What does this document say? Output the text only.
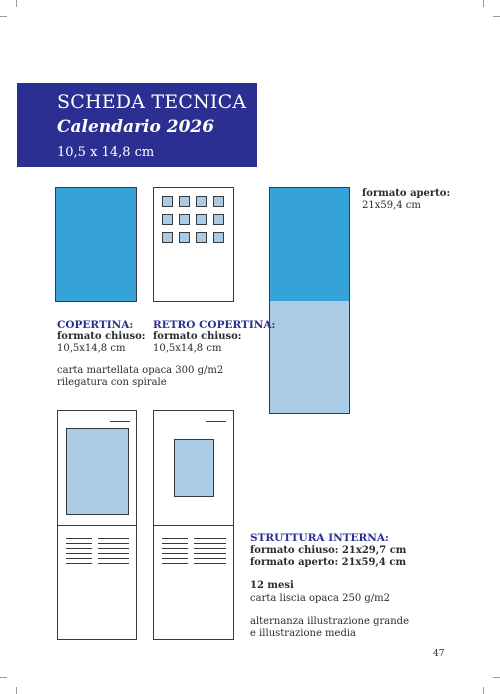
SCHEDA TECNICA
Calendario 2026
10,5 x 14,8 cm
formato aperto:
21x59,4 cm
COPERTINA:
formato chiuso:
10,5x14,8 cm
RETRO COPERTINA:
formato chiuso:
10,5x14,8 cm
carta martellata opaca 300 g/m2
rilegatura con spirale
STRUTTURA INTERNA:
formato chiuso: 21x29,7 cm
formato aperto: 21x59,4 cm
12 mesi
carta liscia opaca 250 g/m2
alternanza illustrazione grande
e illustrazione media
47
